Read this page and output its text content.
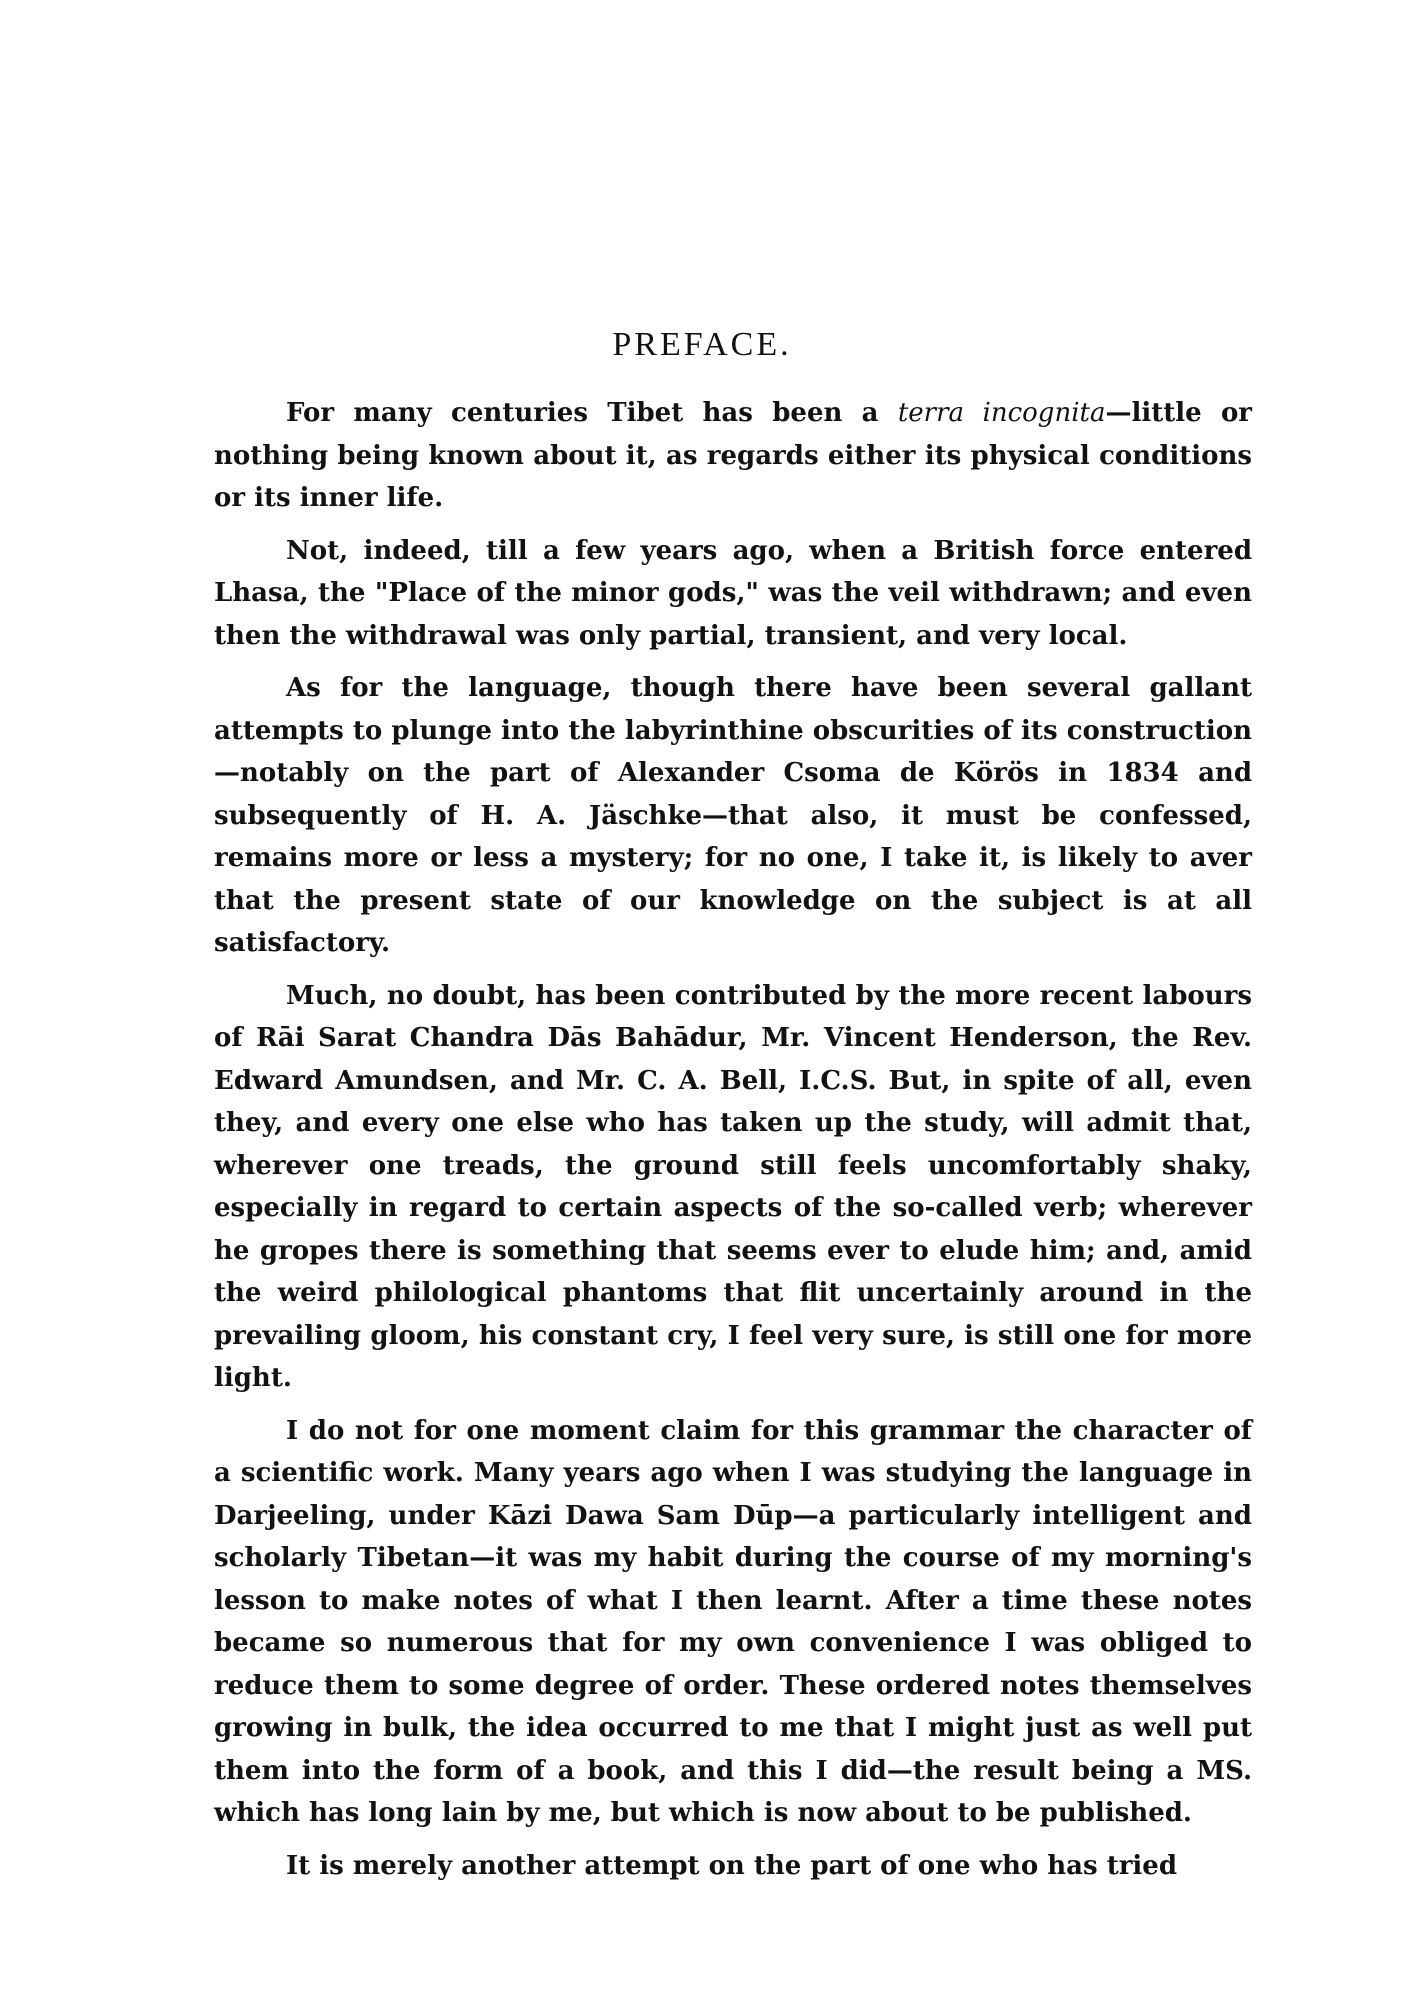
PREFACE.

For many centuries Tibet has been a terra incognita—little or nothing being known about it, as regards either its physical conditions or its inner life.

Not, indeed, till a few years ago, when a British force entered Lhasa, the "Place of the minor gods," was the veil withdrawn; and even then the withdrawal was only partial, transient, and very local.

As for the language, though there have been several gallant attempts to plunge into the labyrinthine obscurities of its construction—notably on the part of Alexander Csoma de Körös in 1834 and subsequently of H. A. Jäschke—that also, it must be confessed, remains more or less a mystery; for no one, I take it, is likely to aver that the present state of our knowledge on the subject is at all satisfactory.

Much, no doubt, has been contributed by the more recent labours of Rāi Sarat Chandra Dās Bahādur, Mr. Vincent Henderson, the Rev. Edward Amundsen, and Mr. C. A. Bell, I.C.S. But, in spite of all, even they, and every one else who has taken up the study, will admit that, wherever one treads, the ground still feels uncomfortably shaky, especially in regard to certain aspects of the so-called verb; wherever he gropes there is something that seems ever to elude him; and, amid the weird philological phantoms that flit uncertainly around in the prevailing gloom, his constant cry, I feel very sure, is still one for more light.

I do not for one moment claim for this grammar the character of a scientific work. Many years ago when I was studying the language in Darjeeling, under Kāzi Dawa Sam Dūp—a particularly intelligent and scholarly Tibetan—it was my habit during the course of my morning's lesson to make notes of what I then learnt. After a time these notes became so numerous that for my own convenience I was obliged to reduce them to some degree of order. These ordered notes themselves growing in bulk, the idea occurred to me that I might just as well put them into the form of a book, and this I did—the result being a MS. which has long lain by me, but which is now about to be published.

It is merely another attempt on the part of one who has tried
